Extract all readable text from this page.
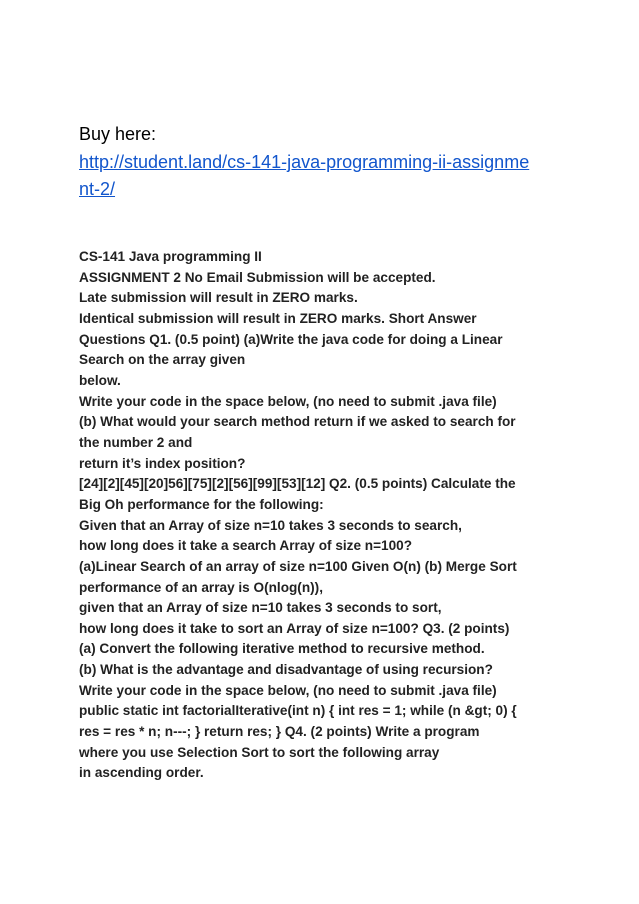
Buy here:

http://student.land/cs-141-java-programming-ii-assignme
nt-2/
CS-141 Java programming II
ASSIGNMENT 2 No Email Submission will be accepted.
Late submission will result in ZERO marks.
Identical submission will result in ZERO marks. Short Answer
Questions Q1. (0.5 point) (a)Write the java code for doing a Linear
Search on the array given
below.
Write your code in the space below, (no need to submit .java file)
(b) What would your search method return if we asked to search for
the number 2 and
return it’s index position?
[24][2][45][20]56][75][2][56][99][53][12] Q2. (0.5 points) Calculate the
Big Oh performance for the following:
Given that an Array of size n=10 takes 3 seconds to search,
how long does it take a search Array of size n=100?
(a)Linear Search of an array of size n=100 Given O(n) (b) Merge Sort
performance of an array is O(nlog(n)),
given that an Array of size n=10 takes 3 seconds to sort,
how long does it take to sort an Array of size n=100? Q3. (2 points)
(a) Convert the following iterative method to recursive method.
(b) What is the advantage and disadvantage of using recursion?
Write your code in the space below, (no need to submit .java file)
public static int factorialIterative(int n) { int res = 1; while (n &gt; 0) {
res = res * n; n---; } return res; } Q4. (2 points) Write a program
where you use Selection Sort to sort the following array
in ascending order.
